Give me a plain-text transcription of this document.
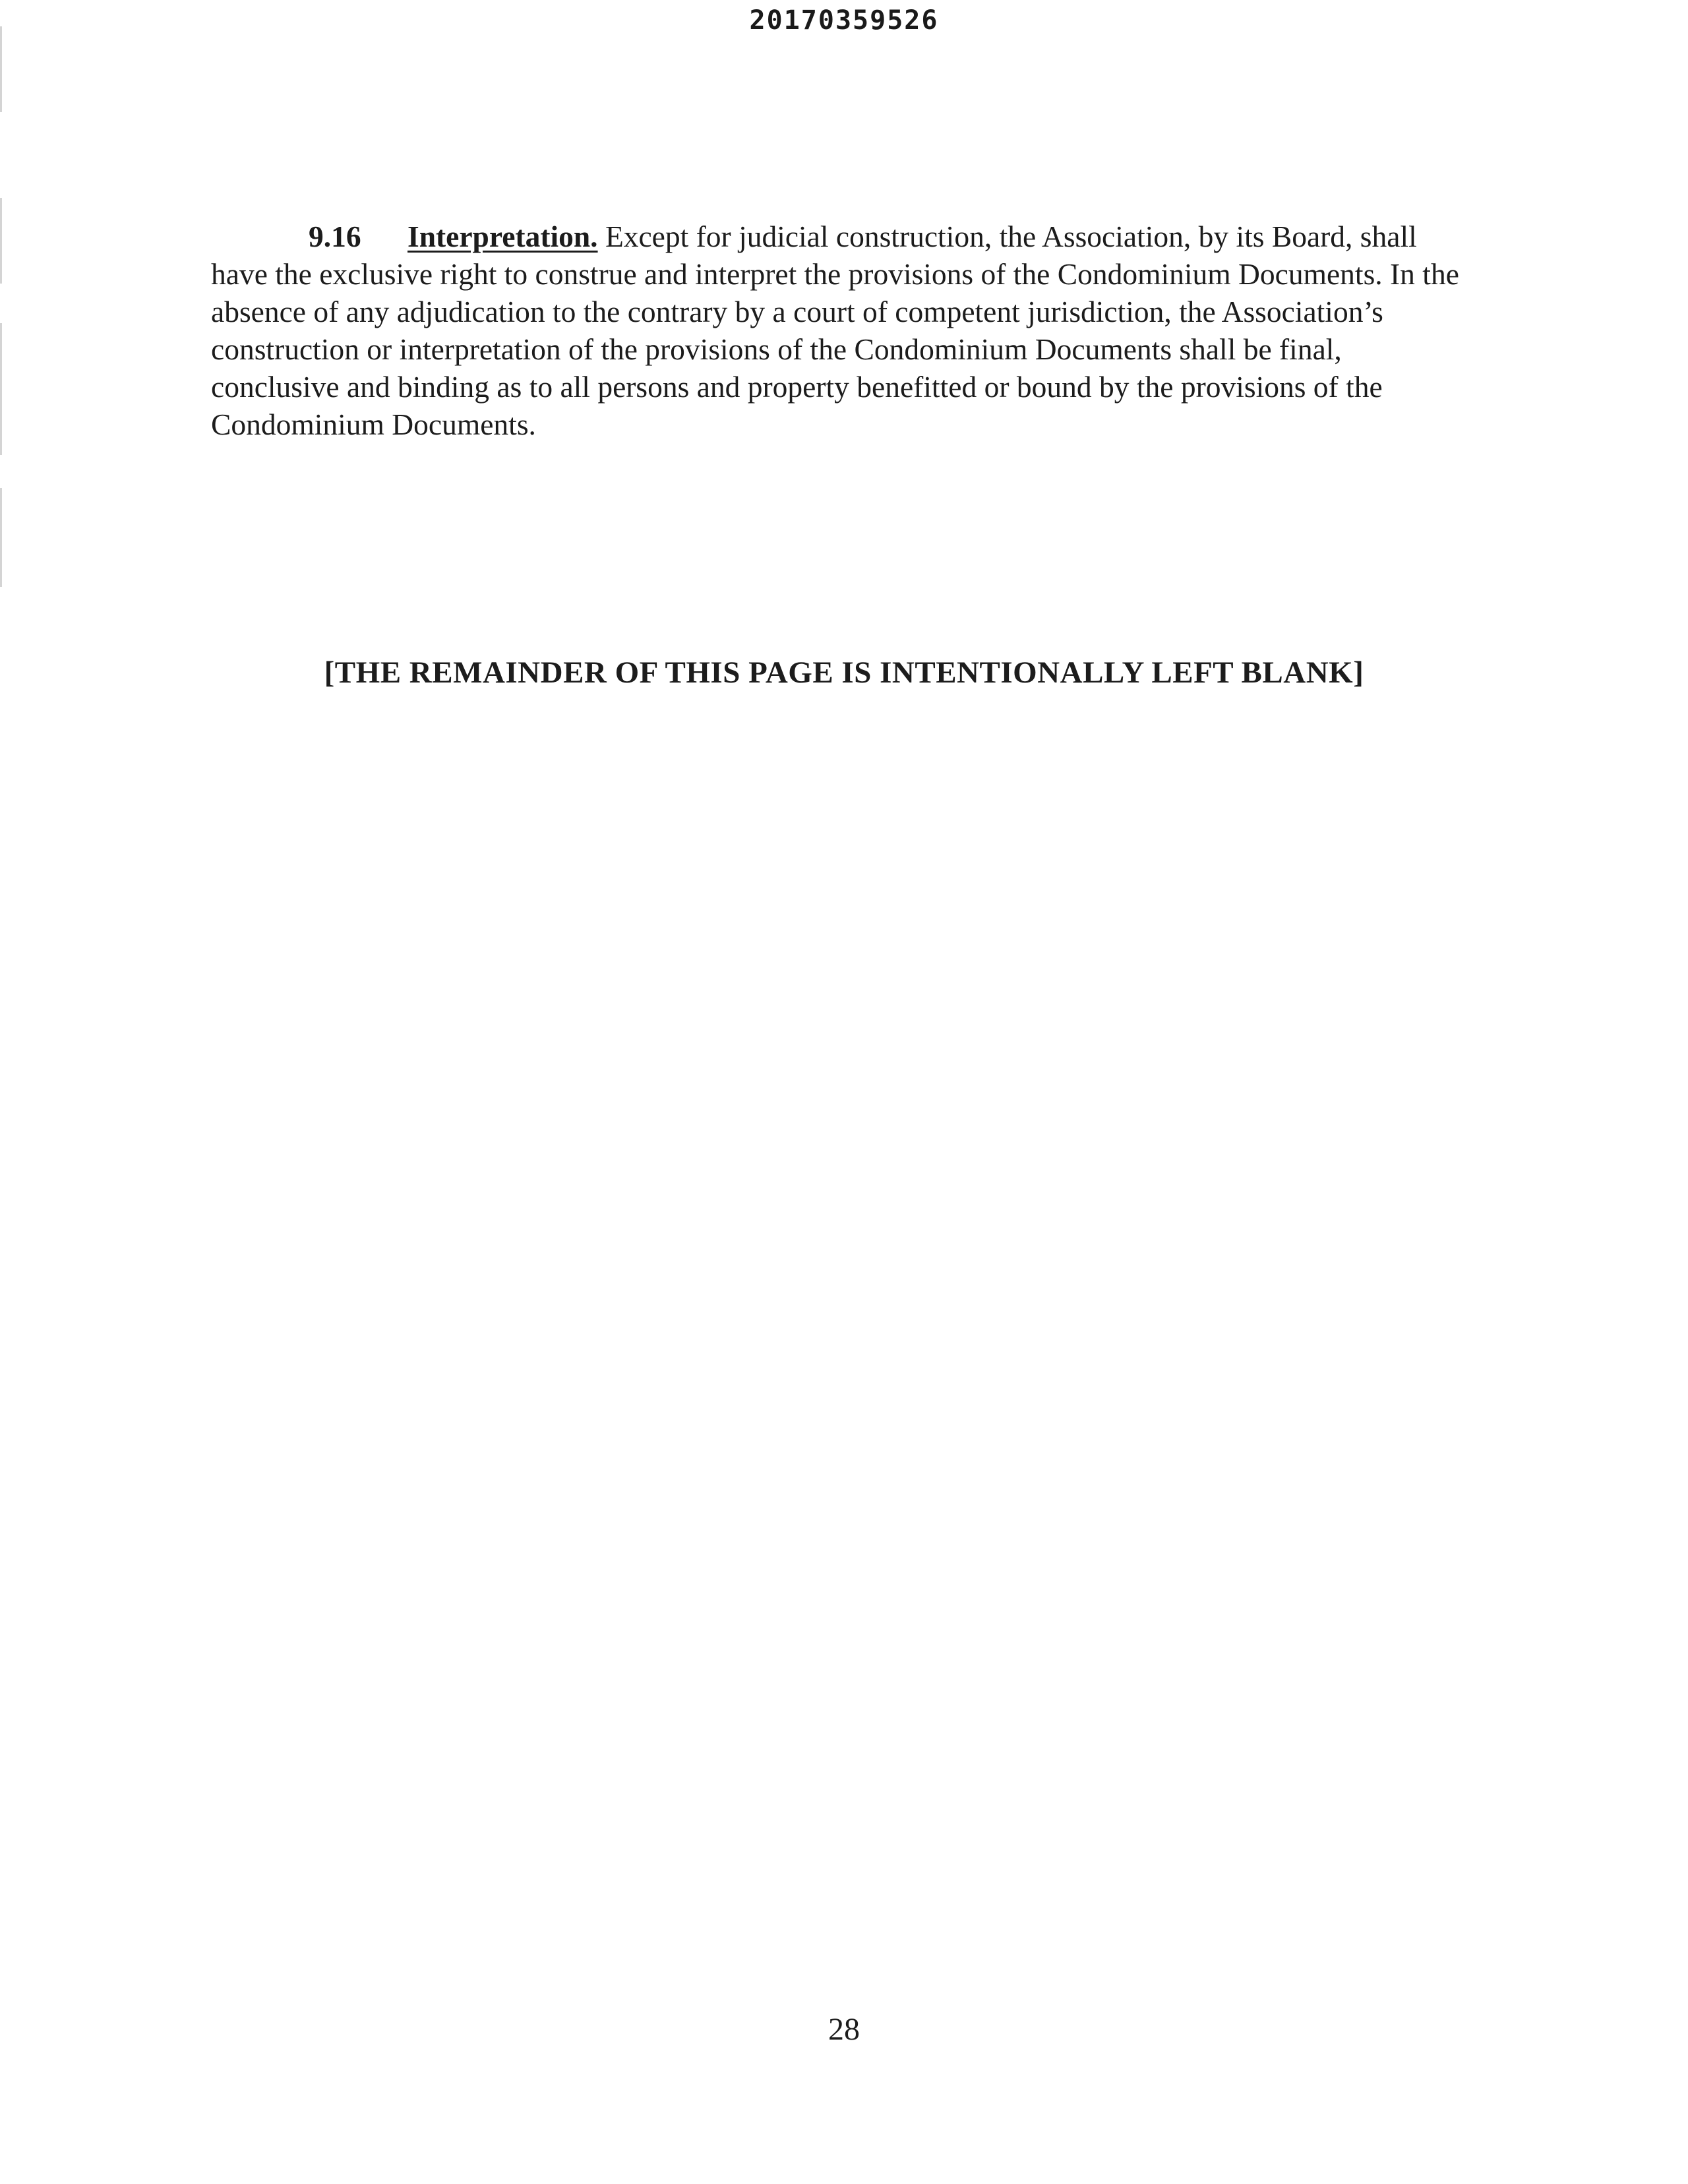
20170359526

9.16 Interpretation. Except for judicial construction, the Association, by its Board, shall have the exclusive right to construe and interpret the provisions of the Condominium Documents. In the absence of any adjudication to the contrary by a court of competent jurisdiction, the Association’s construction or interpretation of the provisions of the Condominium Documents shall be final, conclusive and binding as to all persons and property benefitted or bound by the provisions of the Condominium Documents.

[THE REMAINDER OF THIS PAGE IS INTENTIONALLY LEFT BLANK]
28
